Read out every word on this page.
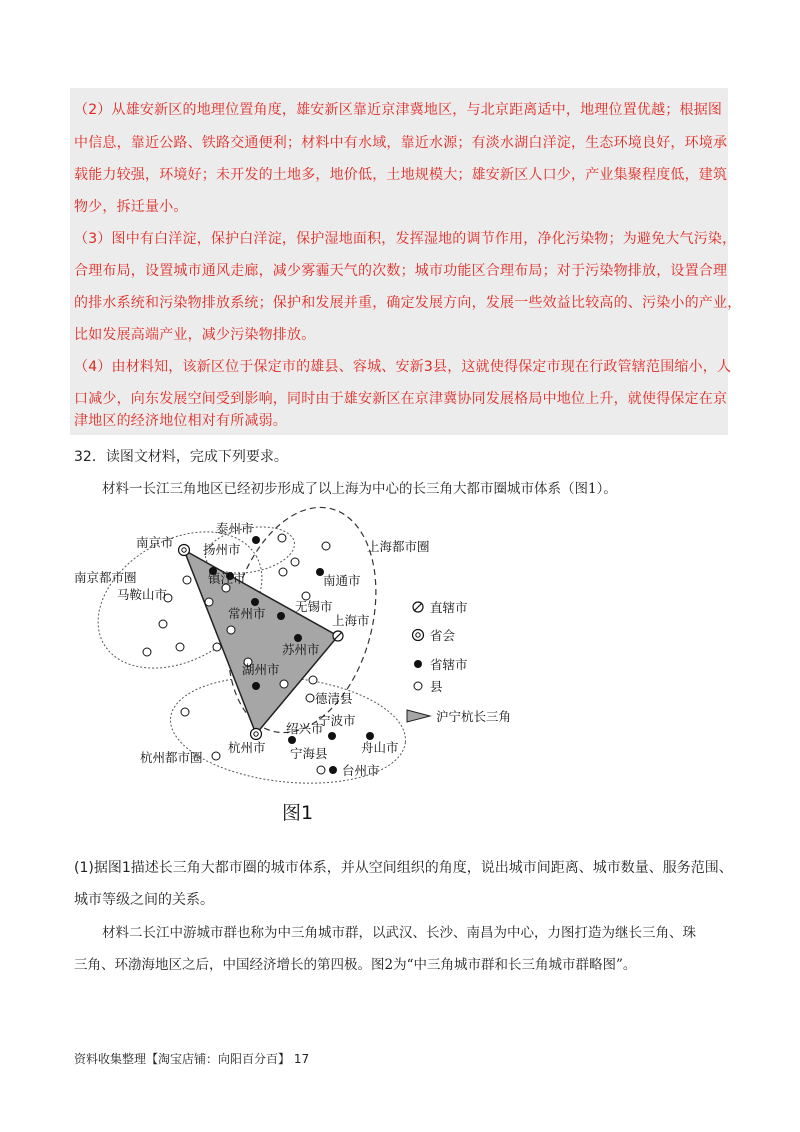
（2）从雄安新区的地理位置角度，雄安新区靠近京津冀地区，与北京距离适中，地理位置优越；根据图
中信息，靠近公路、铁路交通便利；材料中有水域，靠近水源；有淡水湖白洋淀，生态环境良好，环境承
载能力较强，环境好；未开发的土地多，地价低，土地规模大；雄安新区人口少，产业集聚程度低，建筑
物少，拆迁量小。
（3）图中有白洋淀，保护白洋淀，保护湿地面积，发挥湿地的调节作用，净化污染物；为避免大气污染，
合理布局，设置城市通风走廊，减少雾霾天气的次数；城市功能区合理布局；对于污染物排放，设置合理
的排水系统和污染物排放系统；保护和发展并重，确定发展方向，发展一些效益比较高的、污染小的产业，
比如发展高端产业，减少污染物排放。
（4）由材料知，该新区位于保定市的雄县、容城、安新3县，这就使得保定市现在行政管辖范围缩小，人
口减少，向东发展空间受到影响，同时由于雄安新区在京津冀协同发展格局中地位上升，就使得保定在京
津地区的经济地位相对有所减弱。
32．读图文材料，完成下列要求。
材料一长江三角地区已经初步形成了以上海为中心的长三角大都市圈城市体系（图1）。
南京市
泰州市
扬州市
南京都市圈	镇江市
马鞍山市
常州市 无锡市
上海都市圈
南通市
上海市
苏州市
湖州市
德清县
宁波市
绍兴市
杭州市 宁海县	舟山市
台州市
杭州都市圈
直辖市
省会
省辖市
县
沪宁杭长三角
图1
(1)据图1描述长三角大都市圈的城市体系，并从空间组织的角度，说出城市间距离、城市数量、服务范围、
城市等级之间的关系。
材料二长江中游城市群也称为中三角城市群，以武汉、长沙、南昌为中心，力图打造为继长三角、珠
三角、环渤海地区之后，中国经济增长的第四极。图2为“中三角城市群和长三角城市群略图”。
资料收集整理【淘宝店铺：向阳百分百】 17
